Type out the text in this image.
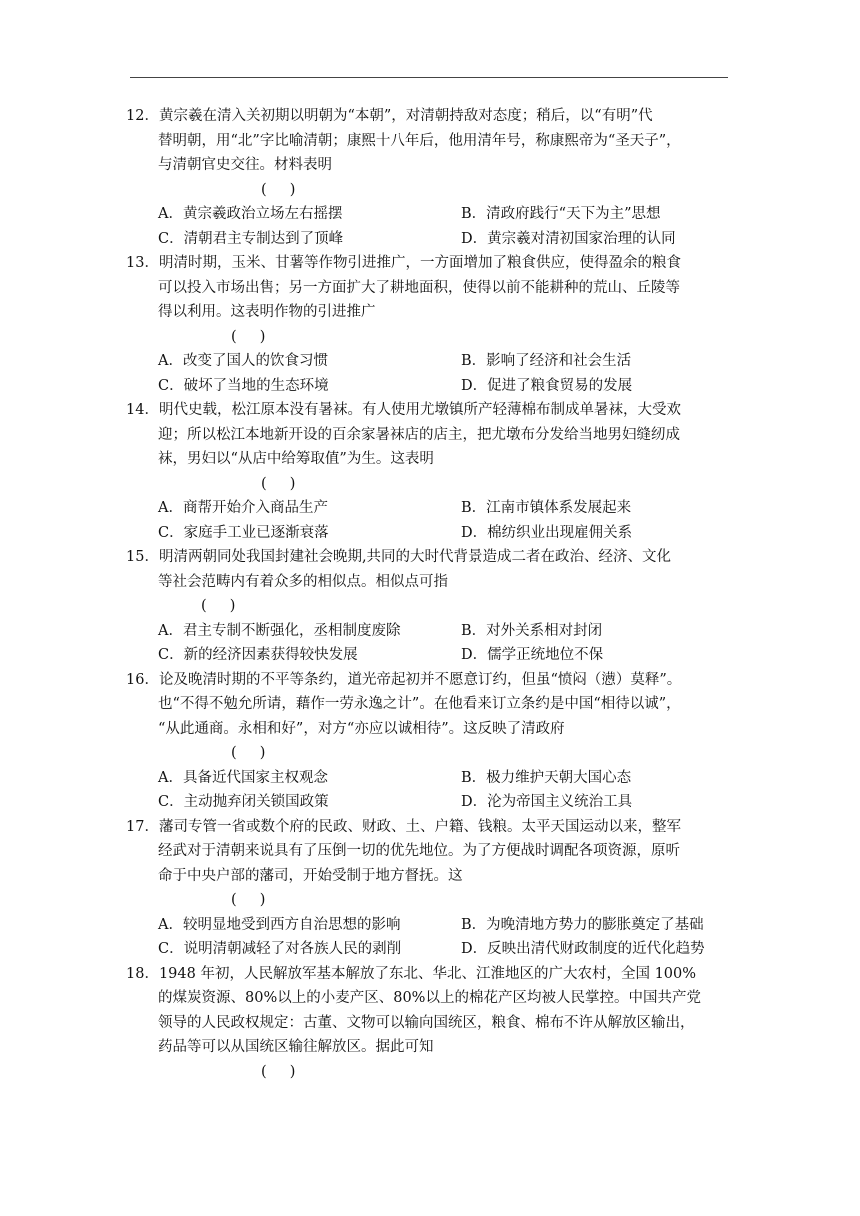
12．黄宗羲在清入关初期以明朝为“本朝”，对清朝持敌对态度；稍后，以“有明”代
替明朝，用“北”字比喻清朝；康熙十八年后，他用清年号，称康熙帝为“圣天子”，
与清朝官史交往。材料表明
(     )
A．黄宗羲政治立场左右摇摆	B．清政府践行“天下为主”思想
C．清朝君主专制达到了顶峰	D．黄宗羲对清初国家治理的认同
13．明清时期，玉米、甘薯等作物引进推广，一方面增加了粮食供应，使得盈余的粮食
可以投入市场出售；另一方面扩大了耕地面积，使得以前不能耕种的荒山、丘陵等
得以利用。这表明作物的引进推广
(     )
A．改变了国人的饮食习惯	B．影响了经济和社会生活
C．破坏了当地的生态环境	D．促进了粮食贸易的发展
14．明代史载，松江原本没有暑袜。有人使用尤墩镇所产轻薄棉布制成单暑袜，大受欢
迎；所以松江本地新开设的百余家暑袜店的店主，把尤墩布分发给当地男妇缝纫成
袜，男妇以“从店中给筹取值”为生。这表明
(     )
A．商帮开始介入商品生产	B．江南市镇体系发展起来
C．家庭手工业已逐渐衰落	D．棉纺织业出现雇佣关系
15．明清两朝同处我国封建社会晚期,共同的大时代背景造成二者在政治、经济、文化
等社会范畴内有着众多的相似点。相似点可指
(     )
A．君主专制不断强化，丞相制度废除	B．对外关系相对封闭
C．新的经济因素获得较快发展	D．儒学正统地位不保
16．论及晚清时期的不平等条约，道光帝起初并不愿意订约，但虽“愤闷（懑）莫释”。
也“不得不勉允所请，藉作一劳永逸之计”。在他看来订立条约是中国“相待以诚”，
“从此通商。永相和好”，对方“亦应以诚相待”。这反映了清政府
(     )
A．具备近代国家主权观念	B．极力维护天朝大国心态
C．主动抛弃闭关锁国政策	D．沦为帝国主义统治工具
17．藩司专管一省或数个府的民政、财政、土、户籍、钱粮。太平天国运动以来，整军
经武对于清朝来说具有了压倒一切的优先地位。为了方便战时调配各项资源，原听
命于中央户部的藩司，开始受制于地方督抚。这
(     )
A．较明显地受到西方自治思想的影响	B．为晚清地方势力的膨胀奠定了基础
C．说明清朝减轻了对各族人民的剥削	D．反映出清代财政制度的近代化趋势
18．1948 年初，人民解放军基本解放了东北、华北、江淮地区的广大农村，全国 100%
的煤炭资源、80%以上的小麦产区、80%以上的棉花产区均被人民掌控。中国共产党
领导的人民政权规定：古董、文物可以输向国统区，粮食、棉布不许从解放区输出，
药品等可以从国统区输往解放区。据此可知
(     )
